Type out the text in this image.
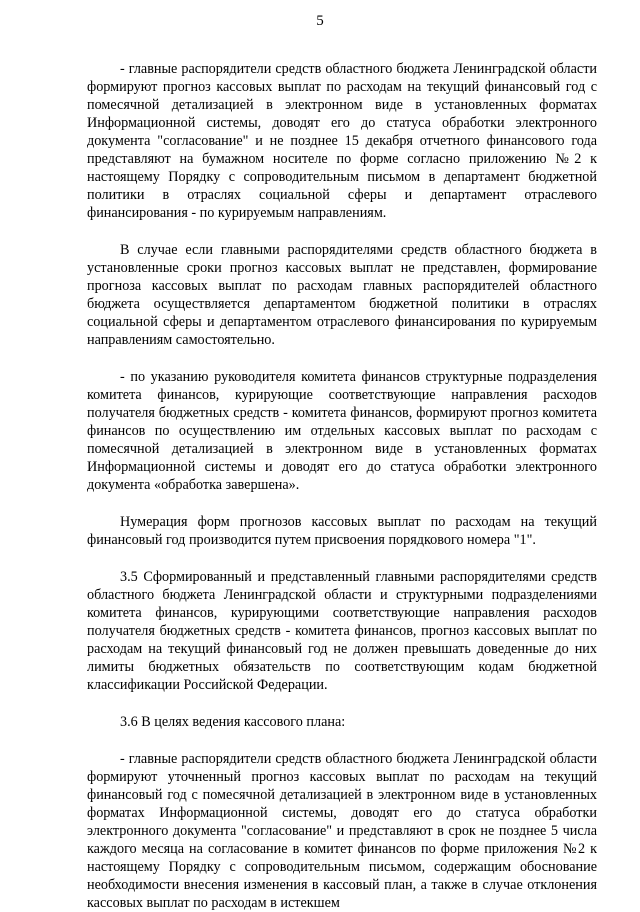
5

- главные распорядители средств областного бюджета Ленинградской области формируют прогноз кассовых выплат по расходам на текущий финансовый год с помесячной детализацией в электронном виде в установленных форматах Информационной системы, доводят его до статуса обработки электронного документа "согласование" и не позднее 15 декабря отчетного финансового года представляют на бумажном носителе по форме согласно приложению №2 к настоящему Порядку с сопроводительным письмом в департамент бюджетной политики в отраслях социальной сферы и департамент отраслевого финансирования - по курируемым направлениям.

В случае если главными распорядителями средств областного бюджета в установленные сроки прогноз кассовых выплат не представлен, формирование прогноза кассовых выплат по расходам главных распорядителей областного бюджета осуществляется департаментом бюджетной политики в отраслях социальной сферы и департаментом отраслевого финансирования по курируемым направлениям самостоятельно.

- по указанию руководителя комитета финансов структурные подразделения комитета финансов, курирующие соответствующие направления расходов получателя бюджетных средств - комитета финансов, формируют прогноз комитета финансов по осуществлению им отдельных кассовых выплат по расходам с помесячной детализацией в электронном виде в установленных форматах Информационной системы и доводят его до статуса обработки электронного документа «обработка завершена».

Нумерация форм прогнозов кассовых выплат по расходам на текущий финансовый год производится путем присвоения порядкового номера "1".

3.5 Сформированный и представленный главными распорядителями средств областного бюджета Ленинградской области и структурными подразделениями комитета финансов, курирующими соответствующие направления расходов получателя бюджетных средств - комитета финансов, прогноз кассовых выплат по расходам на текущий финансовый год не должен превышать доведенные до них лимиты бюджетных обязательств по соответствующим кодам бюджетной классификации Российской Федерации.

3.6 В целях ведения кассового плана:

- главные распорядители средств областного бюджета Ленинградской области формируют уточненный прогноз кассовых выплат по расходам на текущий финансовый год с помесячной детализацией в электронном виде в установленных форматах Информационной системы, доводят его до статуса обработки электронного документа "согласование" и представляют в срок не позднее 5 числа каждого месяца на согласование в комитет финансов по форме приложения №2 к настоящему Порядку с сопроводительным письмом, содержащим обоснование необходимости внесения изменения в кассовый план, а также в случае отклонения кассовых выплат по расходам в истекшем
